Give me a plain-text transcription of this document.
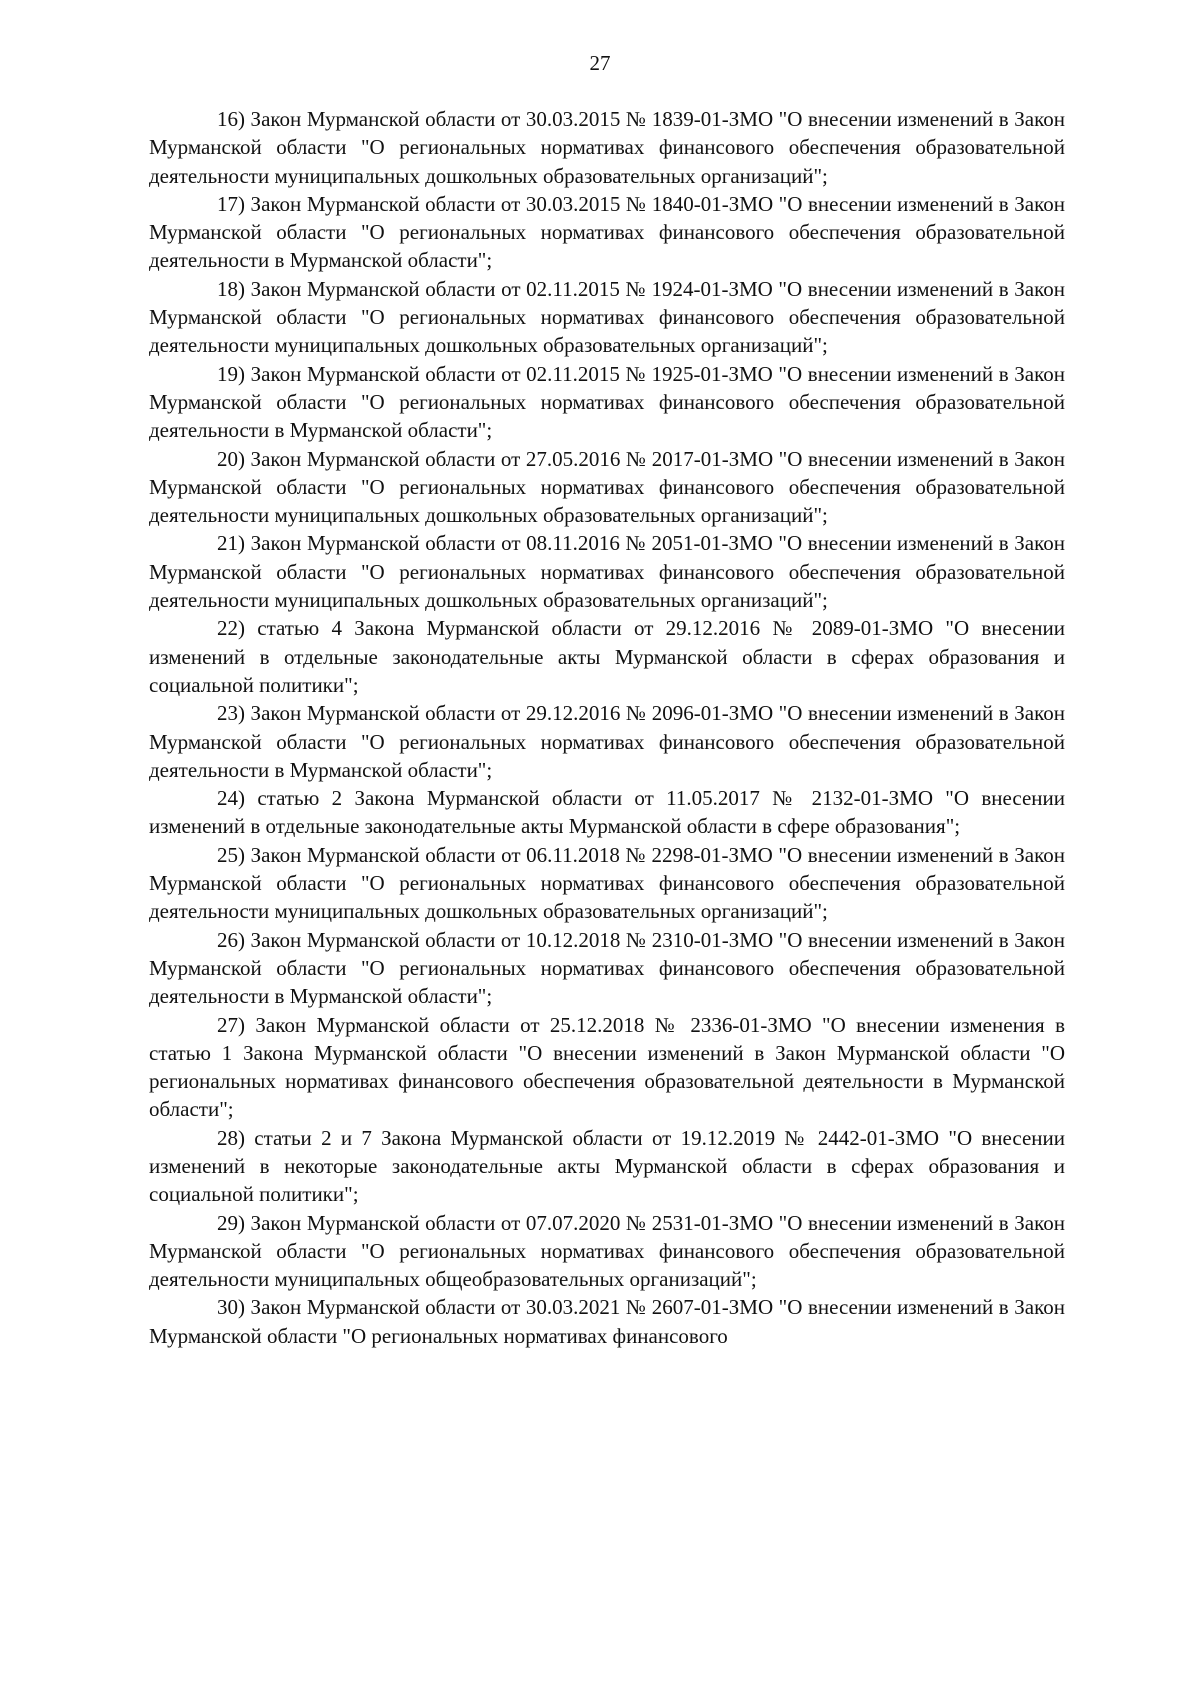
27

16) Закон Мурманской области от 30.03.2015 № 1839-01-ЗМО "О внесении изменений в Закон Мурманской области "О региональных нормативах финансового обеспечения образовательной деятельности муниципальных дошкольных образовательных организаций";

17) Закон Мурманской области от 30.03.2015 № 1840-01-ЗМО "О внесении изменений в Закон Мурманской области "О региональных нормативах финансового обеспечения образовательной деятельности в Мурманской области";

18) Закон Мурманской области от 02.11.2015 № 1924-01-ЗМО "О внесении изменений в Закон Мурманской области "О региональных нормативах финансового обеспечения образовательной деятельности муниципальных дошкольных образовательных организаций";

19) Закон Мурманской области от 02.11.2015 № 1925-01-ЗМО "О внесении изменений в Закон Мурманской области "О региональных нормативах финансового обеспечения образовательной деятельности в Мурманской области";

20) Закон Мурманской области от 27.05.2016 № 2017-01-ЗМО "О внесении изменений в Закон Мурманской области "О региональных нормативах финансового обеспечения образовательной деятельности муниципальных дошкольных образовательных организаций";

21) Закон Мурманской области от 08.11.2016 № 2051-01-ЗМО "О внесении изменений в Закон Мурманской области "О региональных нормативах финансового обеспечения образовательной деятельности муниципальных дошкольных образовательных организаций";

22) статью 4 Закона Мурманской области от 29.12.2016 № 2089-01-ЗМО "О внесении изменений в отдельные законодательные акты Мурманской области в сферах образования и социальной политики";

23) Закон Мурманской области от 29.12.2016 № 2096-01-ЗМО "О внесении изменений в Закон Мурманской области "О региональных нормативах финансового обеспечения образовательной деятельности в Мурманской области";

24) статью 2 Закона Мурманской области от 11.05.2017 № 2132-01-ЗМО "О внесении изменений в отдельные законодательные акты Мурманской области в сфере образования";

25) Закон Мурманской области от 06.11.2018 № 2298-01-ЗМО "О внесении изменений в Закон Мурманской области "О региональных нормативах финансового обеспечения образовательной деятельности муниципальных дошкольных образовательных организаций";

26) Закон Мурманской области от 10.12.2018 № 2310-01-ЗМО "О внесении изменений в Закон Мурманской области "О региональных нормативах финансового обеспечения образовательной деятельности в Мурманской области";

27) Закон Мурманской области от 25.12.2018 № 2336-01-ЗМО "О внесении изменения в статью 1 Закона Мурманской области "О внесении изменений в Закон Мурманской области "О региональных нормативах финансового обеспечения образовательной деятельности в Мурманской области";

28) статьи 2 и 7 Закона Мурманской области от 19.12.2019 № 2442-01-ЗМО "О внесении изменений в некоторые законодательные акты Мурманской области в сферах образования и социальной политики";

29) Закон Мурманской области от 07.07.2020 № 2531-01-ЗМО "О внесении изменений в Закон Мурманской области "О региональных нормативах финансового обеспечения образовательной деятельности муниципальных общеобразовательных организаций";

30) Закон Мурманской области от 30.03.2021 № 2607-01-ЗМО "О внесении изменений в Закон Мурманской области "О региональных нормативах финансового
